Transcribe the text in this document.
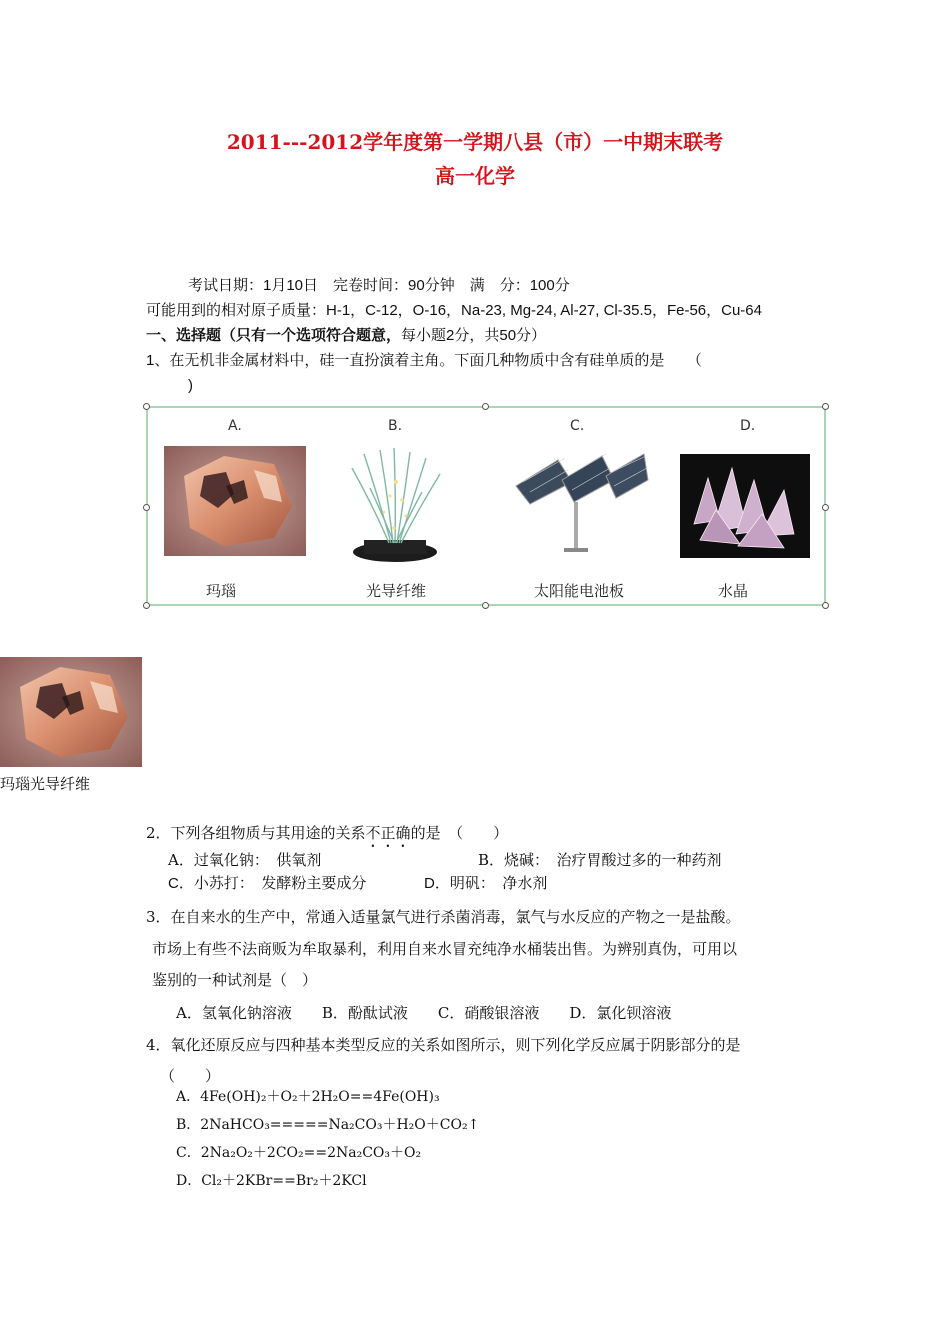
2011---2012学年度第一学期八县（市）一中期末联考
高一化学
考试日期：1月10日　完卷时间：90分钟　满　分：100分
可能用到的相对原子质量：H-1，C-12，O-16，Na-23, Mg-24, Al-27, Cl-35.5，Fe-56，Cu-64
一、选择题（只有一个选项符合题意，每小题2分，共50分）
1、在无机非金属材料中，硅一直扮演着主角。下面几种物质中含有硅单质的是　　（
)
A.	B.	C.	D.
玛瑙	光导纤维	太阳能电池板	水晶
玛瑙光导纤维
2．下列各组物质与其用途的关系不正确的是　（　　）
A．过氧化钠：　供氧剂	B．烧碱：　治疗胃酸过多的一种药剂
C．小苏打：　发酵粉主要成分	D．明矾：　净水剂
3．在自来水的生产中，常通入适量氯气进行杀菌消毒，氯气与水反应的产物之一是盐酸。
市场上有些不法商贩为牟取暴利，利用自来水冒充纯净水桶装出售。为辨别真伪，可用以
鉴别的一种试剂是（　）
A．氢氧化钠溶液　　B．酚酞试液　　C．硝酸银溶液　　D．氯化钡溶液
4．氧化还原反应与四种基本类型反应的关系如图所示，则下列化学反应属于阴影部分的是
（　　）
A．4Fe(OH)₂＋O₂＋2H₂O==4Fe(OH)₃
B．2NaHCO₃=====Na₂CO₃＋H₂O＋CO₂↑
C．2Na₂O₂＋2CO₂==2Na₂CO₃＋O₂
D．Cl₂＋2KBr==Br₂＋2KCl
